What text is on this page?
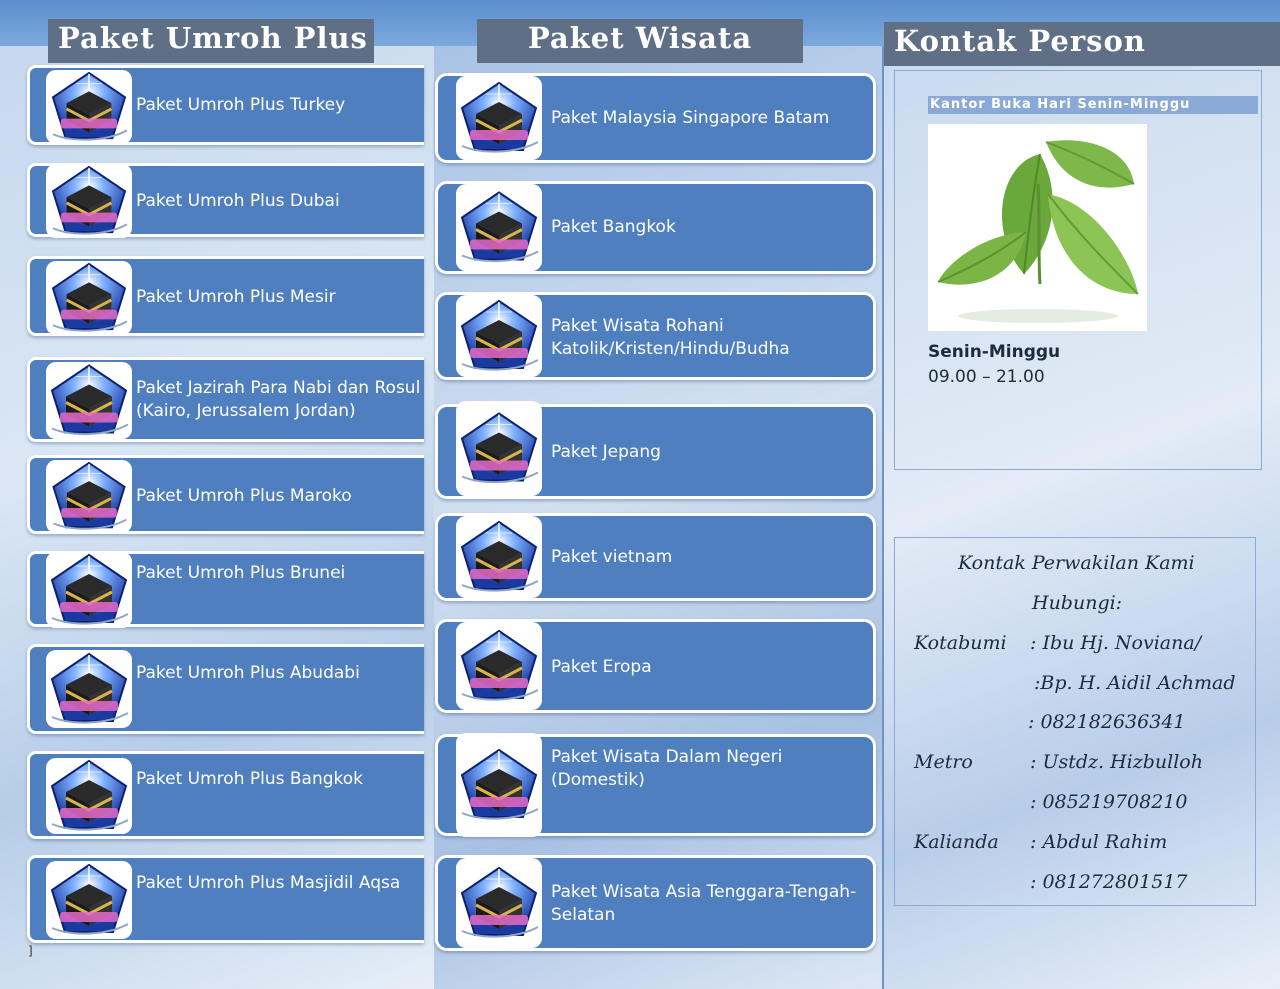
Paket Umroh Plus	Paket Wisata	Kontak Person
Paket Umroh Plus Turkey
Paket Umroh Plus Dubai
Paket Umroh Plus Mesir
Paket Jazirah Para Nabi dan Rosul
(Kairo, Jerussalem Jordan)
Paket Umroh Plus Maroko
Paket Umroh Plus Brunei
Paket Umroh Plus Abudabi
Paket Umroh Plus Bangkok
Paket Umroh Plus Masjidil Aqsa
]
Paket Malaysia Singapore Batam
Paket Bangkok
Paket Wisata Rohani
Katolik/Kristen/Hindu/Budha
Paket Jepang
Paket vietnam
Paket Eropa
Paket Wisata Dalam Negeri
(Domestik)
Paket Wisata Asia Tenggara-Tengah-
Selatan
Kantor Buka Hari Senin-Minggu
Senin-Minggu
09.00 – 21.00
Kontak Perwakilan Kami
Hubungi:
Kotabumi : Ibu Hj. Noviana/
:Bp. H. Aidil Achmad
: 082182636341
Metro	: Ustdz. Hizbulloh
: 085219708210
Kalianda : Abdul Rahim
: 081272801517
